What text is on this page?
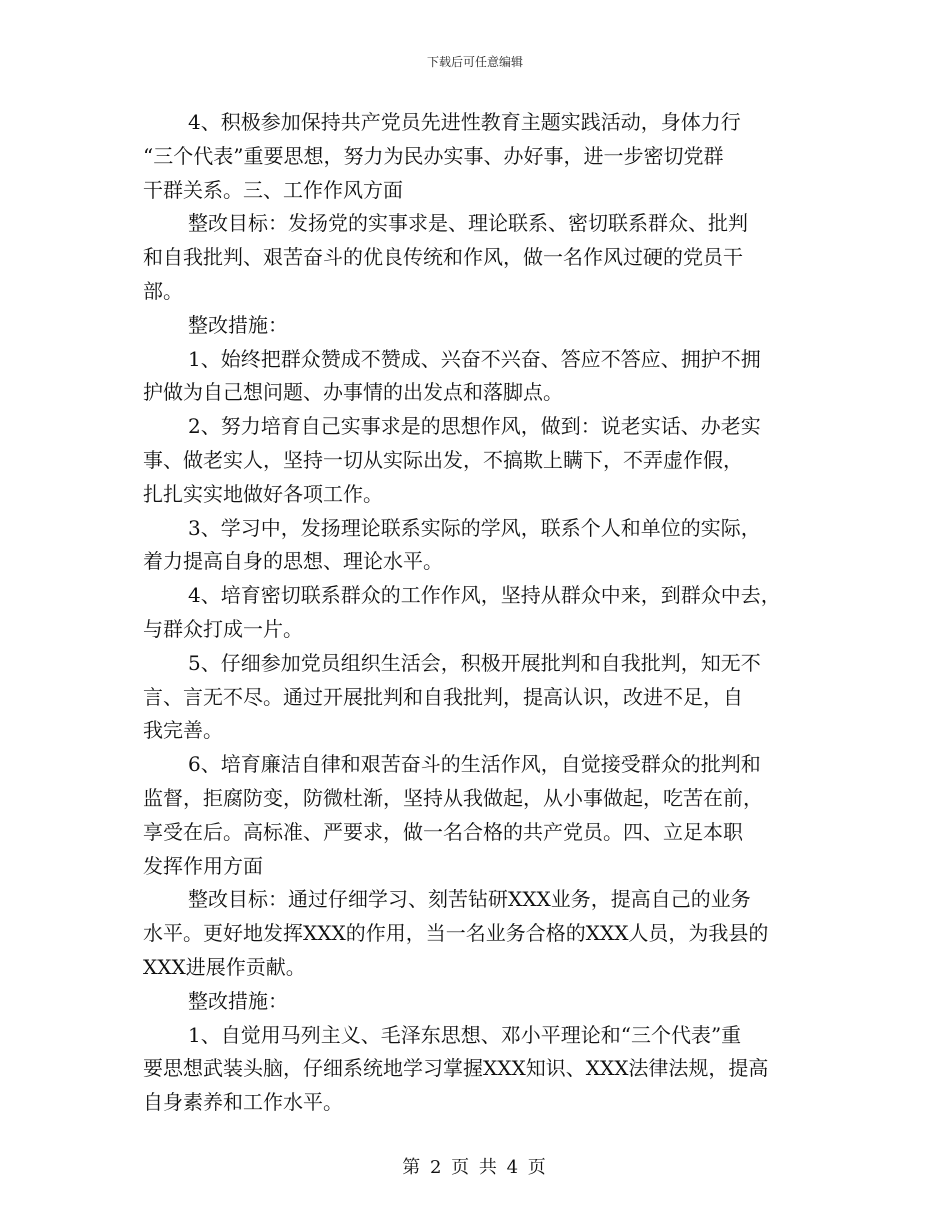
下载后可任意编辑

4、积极参加保持共产党员先进性教育主题实践活动，身体力行

“三个代表”重要思想，努力为民办实事、办好事，进一步密切党群

干群关系。三、工作作风方面

整改目标：发扬党的实事求是、理论联系、密切联系群众、批判

和自我批判、艰苦奋斗的优良传统和作风，做一名作风过硬的党员干

部。

整改措施：

1、始终把群众赞成不赞成、兴奋不兴奋、答应不答应、拥护不拥

护做为自己想问题、办事情的出发点和落脚点。

2、努力培育自己实事求是的思想作风，做到：说老实话、办老实

事、做老实人，坚持一切从实际出发，不搞欺上瞒下，不弄虚作假，

扎扎实实地做好各项工作。

3、学习中，发扬理论联系实际的学风，联系个人和单位的实际，

着力提高自身的思想、理论水平。

4、培育密切联系群众的工作作风，坚持从群众中来，到群众中去，

与群众打成一片。

5、仔细参加党员组织生活会，积极开展批判和自我批判，知无不

言、言无不尽。通过开展批判和自我批判，提高认识，改进不足，自

我完善。

6、培育廉洁自律和艰苦奋斗的生活作风，自觉接受群众的批判和

监督，拒腐防变，防微杜渐，坚持从我做起，从小事做起，吃苦在前，

享受在后。高标准、严要求，做一名合格的共产党员。四、立足本职

发挥作用方面

整改目标：通过仔细学习、刻苦钻研XXX业务，提高自己的业务

水平。更好地发挥XXX的作用，当一名业务合格的XXX人员，为我县的

XXX进展作贡献。

整改措施：

1、自觉用马列主义、毛泽东思想、邓小平理论和“三个代表”重

要思想武装头脑，仔细系统地学习掌握XXX知识、XXX法律法规，提高

自身素养和工作水平。

第 2 页 共 4 页
